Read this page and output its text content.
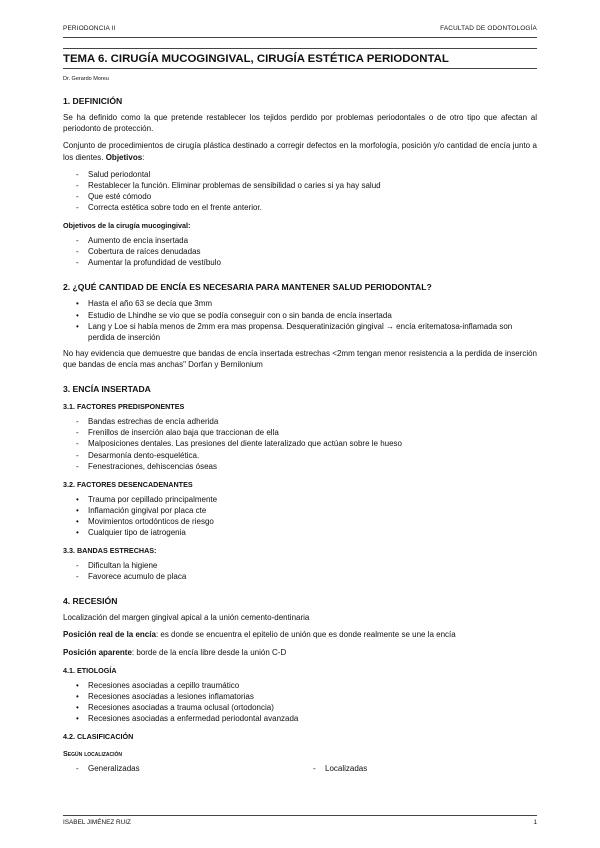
PERIODONCIA II	FACULTAD DE ODONTOLOGÍA
TEMA 6. CIRUGÍA MUCOGINGIVAL, CIRUGÍA ESTÉTICA PERIODONTAL
Dr. Gerardo Moreu
1. DEFINICIÓN

Se ha definido como la que pretende restablecer los tejidos perdido por problemas periodontales o de otro tipo que afectan al periodonto de protección.

Conjunto de procedimientos de cirugía plástica destinado a corregir defectos en la morfología, posición y/o cantidad de encía junto a los dientes. Objetivos:

- Salud periodontal
- Restablecer la función. Eliminar problemas de sensibilidad o caries si ya hay salud
- Que esté cómodo
- Correcta estética sobre todo en el frente anterior.
Objetivos de la cirugía mucogingival:
- Aumento de encía insertada
- Cobertura de raíces denudadas
- Aumentar la profundidad de vestíbulo
2. ¿QUÉ CANTIDAD DE ENCÍA ES NECESARIA PARA MANTENER SALUD PERIODONTAL?
• Hasta el año 63 se decía que 3mm
• Estudio de Lhindhe se vio que se podía conseguir con o sin banda de encía insertada
• Lang y Loe si había menos de 2mm era mas propensa. Desqueratinización gingival → encía eritematosa-inflamada son perdida de inserción

No hay evidencia que demuestre que bandas de encía insertada estrechas <2mm tengan menor resistencia a la perdida de inserción que bandas de encía mas anchas" Dorfan y Bernilonium

3. ENCÍA INSERTADA
3.1. FACTORES PREDISPONENTES
- Bandas estrechas de encía adherida
- Frenillos de inserción alao baja que traccionan de ella
- Malposiciones dentales. Las presiones del diente lateralizado que actúan sobre le hueso
- Desarmonía dento-esquelética.
- Fenestraciones, dehiscencias óseas
3.2. FACTORES DESENCADENANTES
• Trauma por cepillado principalmente
• Inflamación gingival por placa cte
• Movimientos ortodónticos de riesgo
• Cualquier tipo de iatrogenia
3.3. BANDAS ESTRECHAS:
- Dificultan la higiene
- Favorece acumulo de placa
4. RECESIÓN

Localización del margen gingival apical a la unión cemento-dentinaria

Posición real de la encía: es donde se encuentra el epitelio de unión que es donde realmente se une la encía

Posición aparente: borde de la encía libre desde la unión C-D

4.1. ETIOLOGÍA
• Recesiones asociadas a cepillo traumático
• Recesiones asociadas a lesiones inflamatorias
• Recesiones asociadas a trauma oclusal (ortodoncia)
• Recesiones asociadas a enfermedad periodontal avanzada
4.2. CLASIFICACIÓN
Según localización
- Generalizadas	- Localizadas
ISABEL JIMÉNEZ RUIZ	1
